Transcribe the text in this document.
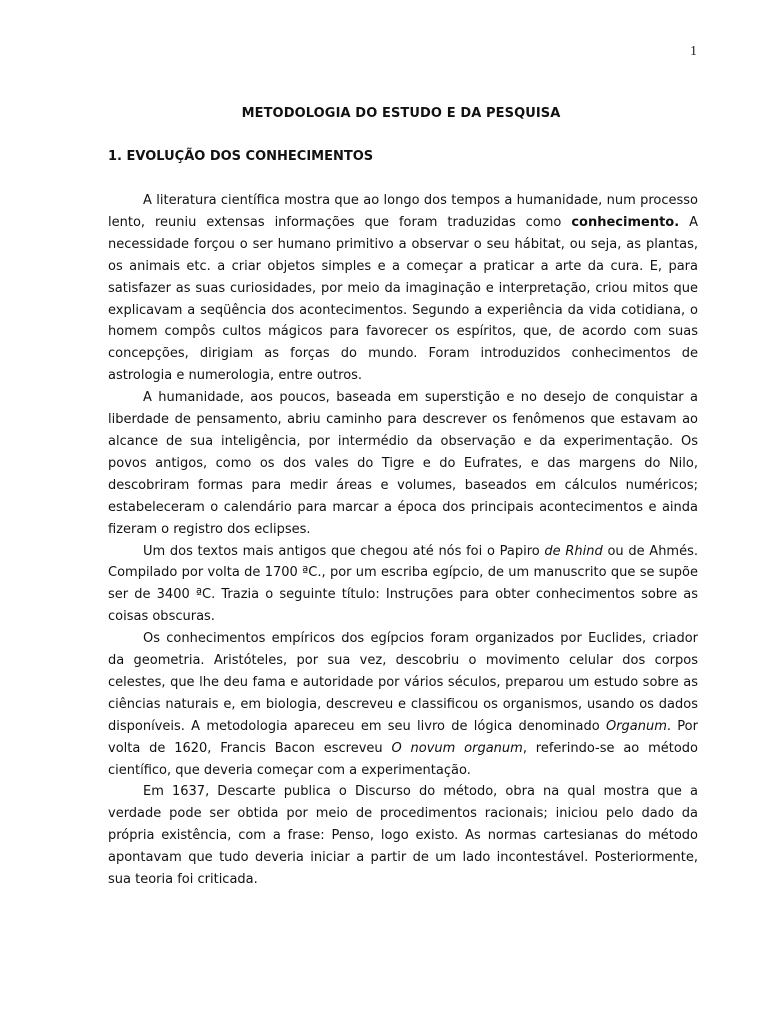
1
METODOLOGIA DO ESTUDO E DA PESQUISA
1. EVOLUÇÃO DOS CONHECIMENTOS

A literatura científica mostra que ao longo dos tempos a humanidade, num processo lento, reuniu extensas informações que foram traduzidas como conhecimento. A necessidade forçou o ser humano primitivo a observar o seu hábitat, ou seja, as plantas, os animais etc. a criar objetos simples e a começar a praticar a arte da cura. E, para satisfazer as suas curiosidades, por meio da imaginação e interpretação, criou mitos que explicavam a seqüência dos acontecimentos. Segundo a experiência da vida cotidiana, o homem compôs cultos mágicos para favorecer os espíritos, que, de acordo com suas concepções, dirigiam as forças do mundo. Foram introduzidos conhecimentos de astrologia e numerologia, entre outros.

A humanidade, aos poucos, baseada em superstição e no desejo de conquistar a liberdade de pensamento, abriu caminho para descrever os fenômenos que estavam ao alcance de sua inteligência, por intermédio da observação e da experimentação. Os povos antigos, como os dos vales do Tigre e do Eufrates, e das margens do Nilo, descobriram formas para medir áreas e volumes, baseados em cálculos numéricos; estabeleceram o calendário para marcar a época dos principais acontecimentos e ainda fizeram o registro dos eclipses.

Um dos textos mais antigos que chegou até nós foi o Papiro de Rhind ou de Ahmés. Compilado por volta de 1700 ªC., por um escriba egípcio, de um manuscrito que se supõe ser de 3400 ªC. Trazia o seguinte título: Instruções para obter conhecimentos sobre as coisas obscuras.

Os conhecimentos empíricos dos egípcios foram organizados por Euclides, criador da geometria. Aristóteles, por sua vez, descobriu o movimento celular dos corpos celestes, que lhe deu fama e autoridade por vários séculos, preparou um estudo sobre as ciências naturais e, em biologia, descreveu e classificou os organismos, usando os dados disponíveis. A metodologia apareceu em seu livro de lógica denominado Organum. Por volta de 1620, Francis Bacon escreveu O novum organum, referindo-se ao método científico, que deveria começar com a experimentação.

Em 1637, Descarte publica o Discurso do método, obra na qual mostra que a verdade pode ser obtida por meio de procedimentos racionais; iniciou pelo dado da própria existência, com a frase: Penso, logo existo. As normas cartesianas do método apontavam que tudo deveria iniciar a partir de um lado incontestável. Posteriormente, sua teoria foi criticada.
